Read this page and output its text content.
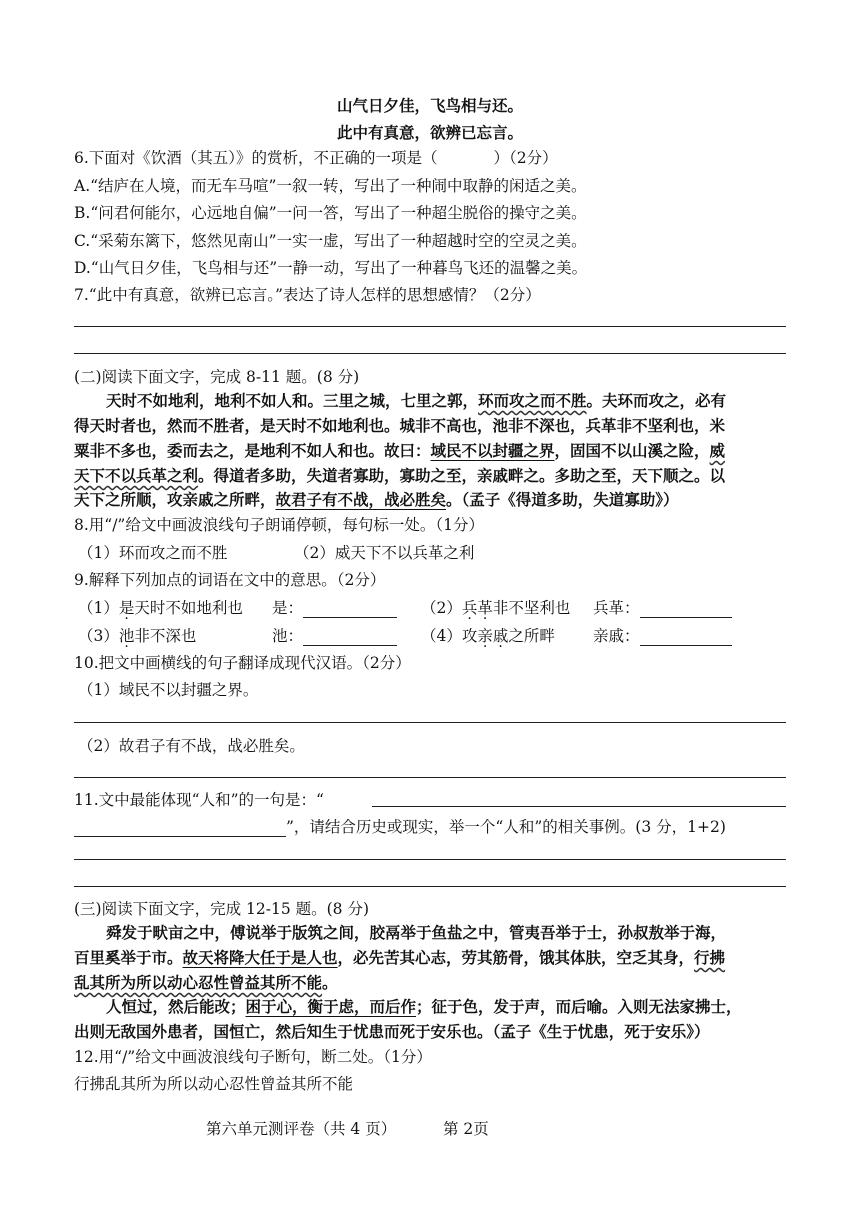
山气日夕佳，飞鸟相与还。
此中有真意，欲辨已忘言。
6.下面对《饮酒（其五）》的赏析，不正确的一项是（	）（2分）
A.“结庐在人境，而无车马喧”一叙一转，写出了一种闹中取静的闲适之美。
B.“问君何能尔，心远地自偏”一问一答，写出了一种超尘脱俗的操守之美。
C.“采菊东篱下，悠然见南山”一实一虚，写出了一种超越时空的空灵之美。
D.“山气日夕佳，飞鸟相与还”一静一动，写出了一种暮鸟飞还的温馨之美。
7.“此中有真意，欲辨已忘言。”表达了诗人怎样的思想感情？（2分）
(二)阅读下面文字，完成 8-11 题。(8 分)
天时不如地利，地利不如人和。三里之城，七里之郭，环而攻之而不胜。夫环而攻之，必有
得天时者也，然而不胜者，是天时不如地利也。城非不高也，池非不深也，兵革非不坚利也，米
粟非不多也，委而去之，是地利不如人和也。故曰：域民不以封疆之界，固国不以山溪之险，威
天下不以兵革之利。得道者多助，失道者寡助，寡助之至，亲戚畔之。多助之至，天下顺之。以
天下之所顺，攻亲戚之所畔，故君子有不战，战必胜矣。（孟子《得道多助，失道寡助》）
8.用“/”给文中画波浪线句子朗诵停顿，每句标一处。（1分）
（1）环而攻之而不胜	（2）威天下不以兵革之利
9.解释下列加点的词语在文中的意思。（2分）
（1）是天时不如地利也 是：	（2）兵革非不坚利也 兵革：
（3）池非不深也	池：	（4）攻亲戚之所畔 亲戚：
10.把文中画横线的句子翻译成现代汉语。（2分）
（1）域民不以封疆之界。
（2）故君子有不战，战必胜矣。
11.文中最能体现“人和”的一句是：“
”，请结合历史或现实，举一个“人和”的相关事例。(3 分，1+2)
(三)阅读下面文字，完成 12-15 题。(8 分)
舜发于畎亩之中，傅说举于版筑之间，胶鬲举于鱼盐之中，管夷吾举于士，孙叔敖举于海，
百里奚举于市。故天将降大任于是人也，必先苦其心志，劳其筋骨，饿其体肤，空乏其身，行拂
乱其所为所以动心忍性曾益其所不能。
人恒过，然后能改；困于心，衡于虑，而后作；征于色，发于声，而后喻。入则无法家拂士，
出则无敌国外患者，国恒亡，然后知生于忧患而死于安乐也。（孟子《生于忧患，死于安乐》）
12.用“/”给文中画波浪线句子断句，断二处。（1分）
行拂乱其所为所以动心忍性曾益其所不能
第六单元测评卷（共 4 页）	第 2页
